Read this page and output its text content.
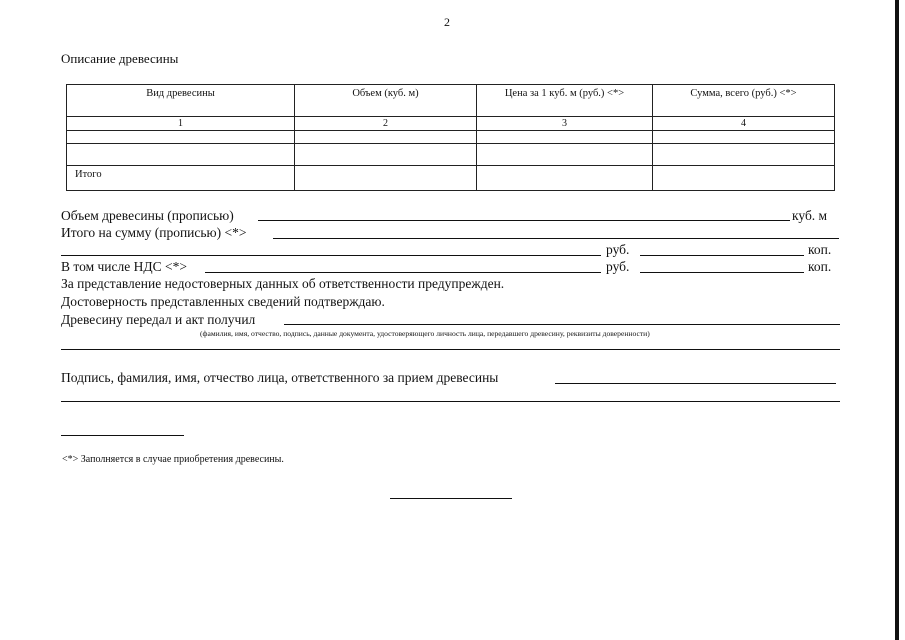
2
Описание древесины
Вид древесины	Объем (куб. м)	Цена за 1 куб. м (руб.) <*>	Сумма, всего (руб.) <*>
1	2	3	4

Итого			
Объем древесины (прописью)	куб. м
Итого на сумму (прописью) <*>
руб.	коп.
В том числе НДС <*>	руб.	коп.
За представление недостоверных данных об ответственности предупрежден.
Достоверность представленных сведений подтверждаю.
Древесину передал и акт получил
(фамилия, имя, отчество, подпись, данные документа, удостоверяющего личность лица, передавшего древесину, реквизиты доверенности)
Подпись, фамилия, имя, отчество лица, ответственного за прием древесины
<*> Заполняется в случае приобретения древесины.
